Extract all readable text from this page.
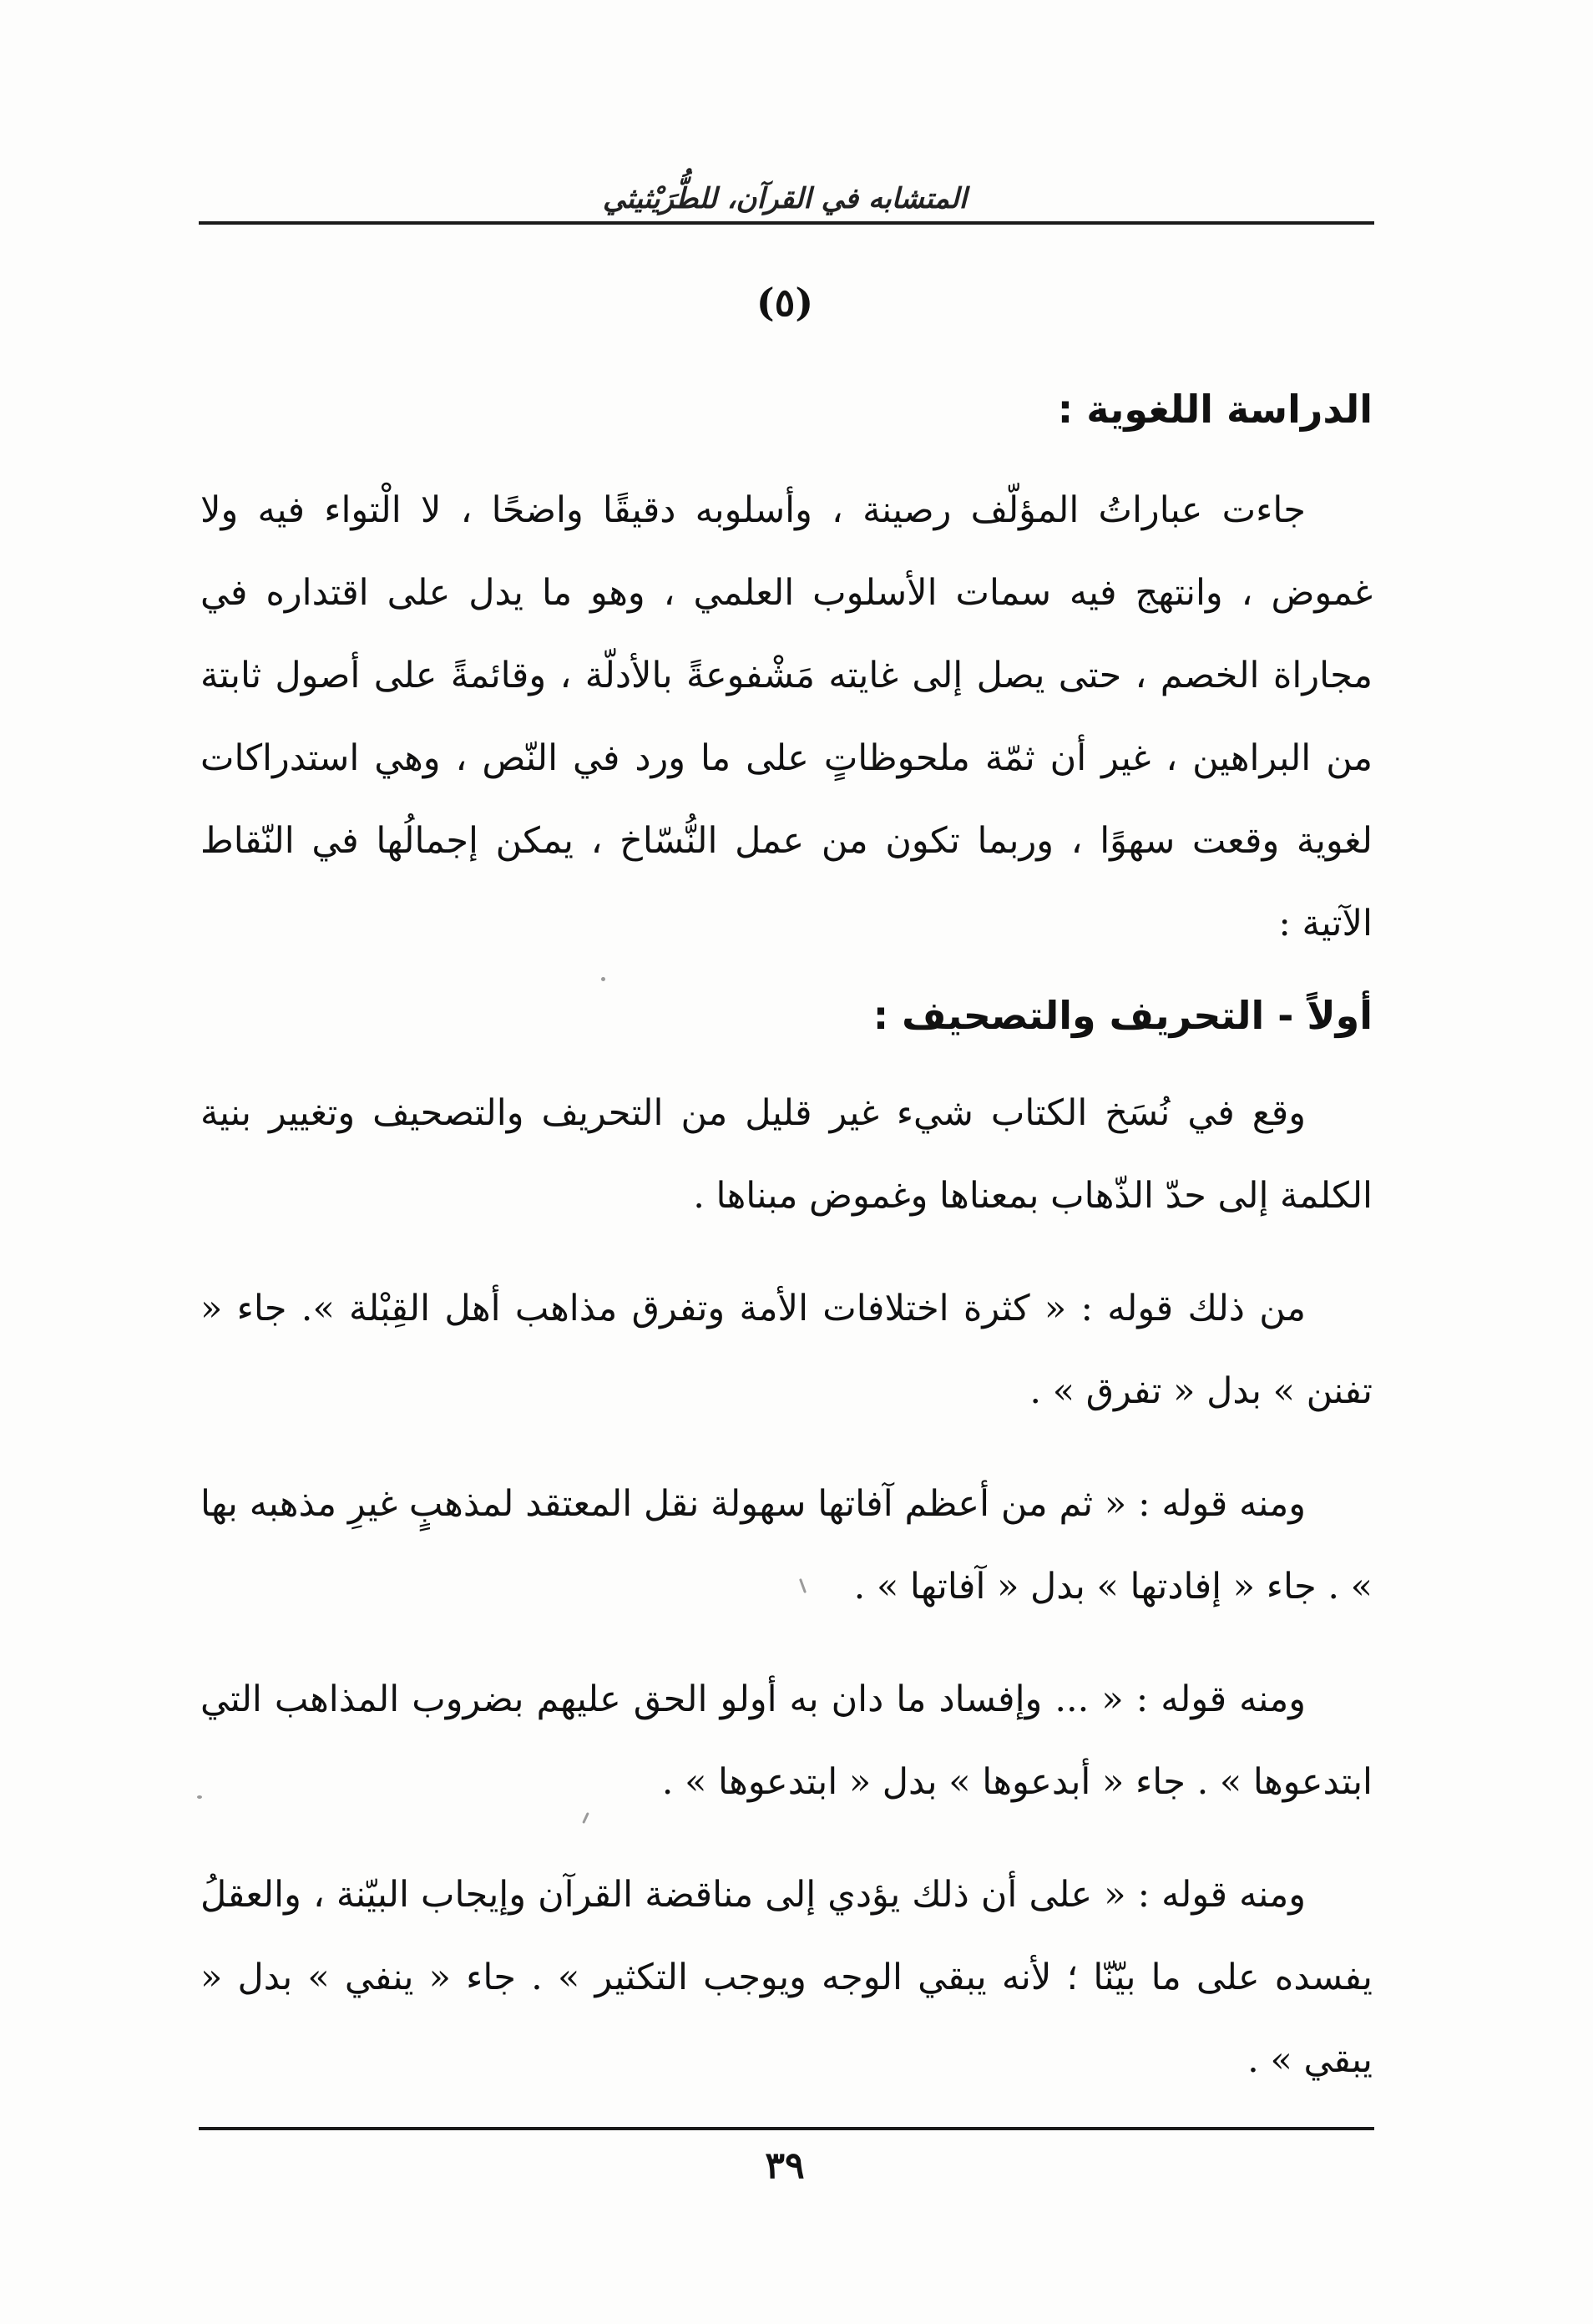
المتشابه في القرآن، للطُّرَيْثيثي
(٥)

الدراسة اللغوية :

جاءت عباراتُ المؤلّف رصينة ، وأسلوبه دقيقًا واضحًا ، لا الْتواء فيه ولا غموض ، وانتهج فيه سمات الأسلوب العلمي ، وهو ما يدل على اقتداره في مجاراة الخصم ، حتى يصل إلى غايته مَشْفوعةً بالأدلّة ، وقائمةً على أصول ثابتة من البراهين ، غير أن ثمّة ملحوظاتٍ على ما ورد في النّص ، وهي استدراكات لغوية وقعت سهوًا ، وربما تكون من عمل النُّسّاخ ، يمكن إجمالُها في النّقاط الآتية :

أولاً - التحريف والتصحيف :

وقع في نُسَخ الكتاب شيء غير قليل من التحريف والتصحيف وتغيير بنية الكلمة إلى حدّ الذّهاب بمعناها وغموض مبناها .

من ذلك قوله : « كثرة اختلافات الأمة وتفرق مذاهب أهل القِبْلة ». جاء « تفنن » بدل « تفرق » .

ومنه قوله : « ثم من أعظم آفاتها سهولة نقل المعتقد لمذهبٍ غيرِ مذهبه بها » . جاء « إفادتها » بدل « آفاتها » .

ومنه قوله : « ... وإفساد ما دان به أولو الحق عليهم بضروب المذاهب التي ابتدعوها » . جاء « أبدعوها » بدل « ابتدعوها » .

ومنه قوله : « على أن ذلك يؤدي إلى مناقضة القرآن وإيجاب البيّنة ، والعقلُ يفسده على ما بيّنّا ؛ لأنه يبقي الوجه ويوجب التكثير » . جاء « ينفي » بدل « يبقي » .

٣٩
